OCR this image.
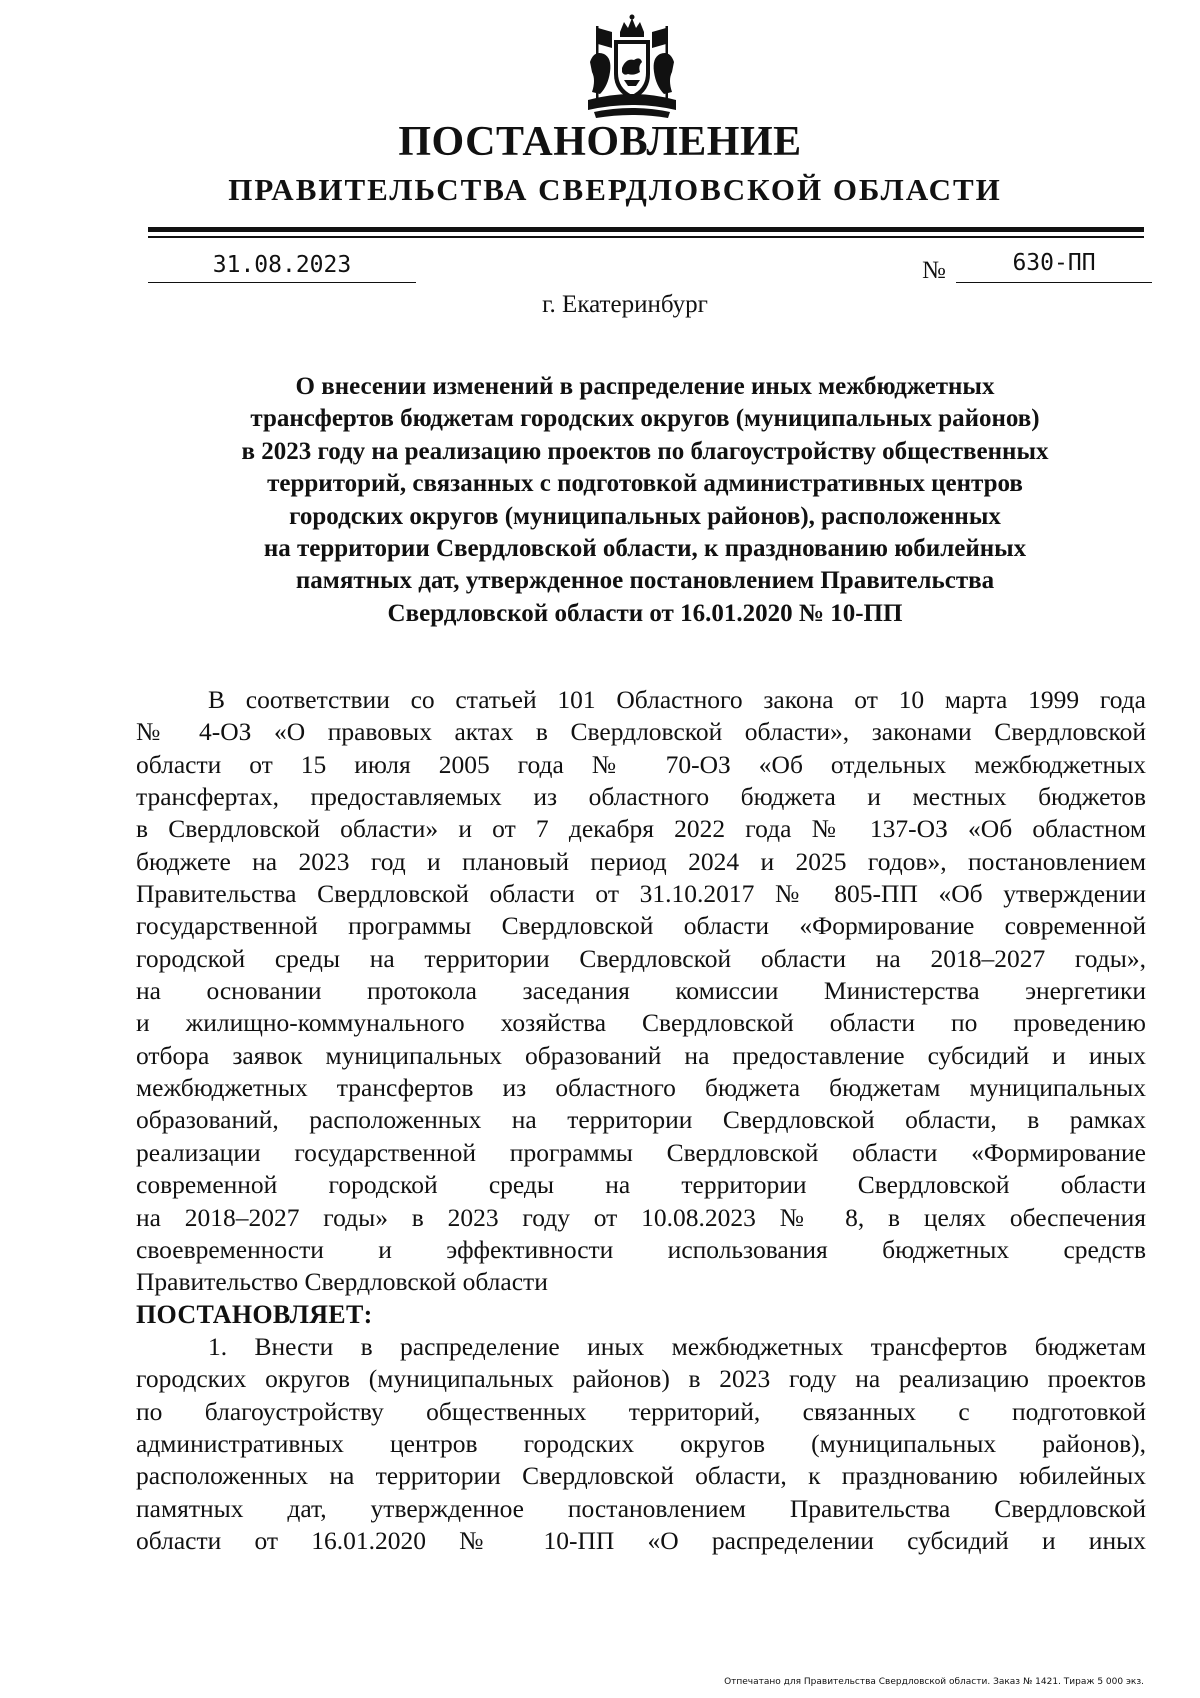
ПОСТАНОВЛЕНИЕ
ПРАВИТЕЛЬСТВА СВЕРДЛОВСКОЙ ОБЛАСТИ
31.08.2023	№	630-ПП
г. Екатеринбург
О внесении изменений в распределение иных межбюджетных
трансфертов бюджетам городских округов (муниципальных районов)
в 2023 году на реализацию проектов по благоустройству общественных
территорий, связанных с подготовкой административных центров
городских округов (муниципальных районов), расположенных
на территории Свердловской области, к празднованию юбилейных
памятных дат, утвержденное постановлением Правительства
Свердловской области от 16.01.2020 № 10-ПП
В соответствии со статьей 101 Областного закона от 10 марта 1999 года
№ 4-ОЗ «О правовых актах в Свердловской области», законами Свердловской
области от 15 июля 2005 года № 70-ОЗ «Об отдельных межбюджетных
трансфертах, предоставляемых из областного бюджета и местных бюджетов
в Свердловской области» и от 7 декабря 2022 года № 137-ОЗ «Об областном
бюджете на 2023 год и плановый период 2024 и 2025 годов», постановлением
Правительства Свердловской области от 31.10.2017 № 805-ПП «Об утверждении
государственной программы Свердловской области «Формирование современной
городской среды на территории Свердловской области на 2018–2027 годы»,
на основании протокола заседания комиссии Министерства энергетики
и жилищно-коммунального хозяйства Свердловской области по проведению
отбора заявок муниципальных образований на предоставление субсидий и иных
межбюджетных трансфертов из областного бюджета бюджетам муниципальных
образований, расположенных на территории Свердловской области, в рамках
реализации государственной программы Свердловской области «Формирование
современной городской среды на территории Свердловской области
на 2018–2027 годы» в 2023 году от 10.08.2023 № 8, в целях обеспечения
своевременности и эффективности использования бюджетных средств
Правительство Свердловской области
ПОСТАНОВЛЯЕТ:
1. Внести в распределение иных межбюджетных трансфертов бюджетам
городских округов (муниципальных районов) в 2023 году на реализацию проектов
по благоустройству общественных территорий, связанных с подготовкой
административных центров городских округов (муниципальных районов),
расположенных на территории Свердловской области, к празднованию юбилейных
памятных дат, утвержденное постановлением Правительства Свердловской
области от 16.01.2020 № 10-ПП «О распределении субсидий и иных
Отпечатано для Правительства Свердловской области. Заказ № 1421. Тираж 5 000 экз.
